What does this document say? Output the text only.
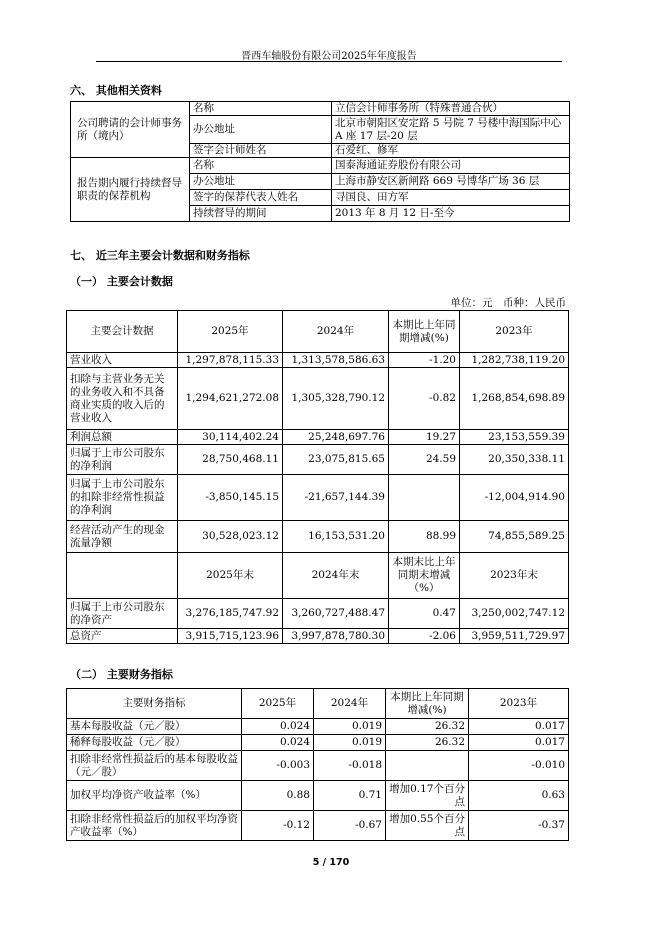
晋西车轴股份有限公司2025年年度报告
六、 其他相关资料
公司聘请的会计师事务所（境内）	名称	立信会计师事务所（特殊普通合伙）
	办公地址	北京市朝阳区安定路 5 号院 7 号楼中海国际中心 A 座 17 层-20 层
	签字会计师姓名	石爱红、修军
报告期内履行持续督导职责的保荐机构	名称	国泰海通证券股份有限公司
	办公地址	上海市静安区新闸路 669 号博华广场 36 层
	签字的保荐代表人姓名	寻国良、田方军
	持续督导的期间	2013 年 8 月 12 日-至今
七、 近三年主要会计数据和财务指标
（一） 主要会计数据
单位：元　币种：人民币
主要会计数据	2025年	2024年	本期比上年同期增减(%)	2023年
营业收入	1,297,878,115.33	1,313,578,586.63	-1.20	1,282,738,119.20
扣除与主营业务无关的业务收入和不具备商业实质的收入后的营业收入	1,294,621,272.08	1,305,328,790.12	-0.82	1,268,854,698.89
利润总额	30,114,402.24	25,248,697.76	19.27	23,153,559.39
归属于上市公司股东的净利润	28,750,468.11	23,075,815.65	24.59	20,350,338.11
归属于上市公司股东的扣除非经常性损益的净利润	-3,850,145.15	-21,657,144.39		-12,004,914.90
经营活动产生的现金流量净额	30,528,023.12	16,153,531.20	88.99	74,855,589.25
	2025年末	2024年末	本期末比上年同期末增减（%）	2023年末
归属于上市公司股东的净资产	3,276,185,747.92	3,260,727,488.47	0.47	3,250,002,747.12
总资产	3,915,715,123.96	3,997,878,780.30	-2.06	3,959,511,729.97
（二） 主要财务指标
主要财务指标	2025年	2024年	本期比上年同期增减(%)	2023年
基本每股收益（元／股）	0.024	0.019	26.32	0.017
稀释每股收益（元／股）	0.024	0.019	26.32	0.017
扣除非经常性损益后的基本每股收益（元／股）	-0.003	-0.018		-0.010
加权平均净资产收益率（%）	0.88	0.71	增加0.17个百分点	0.63
扣除非经常性损益后的加权平均净资产收益率（%）	-0.12	-0.67	增加0.55个百分点	-0.37
5 / 170
